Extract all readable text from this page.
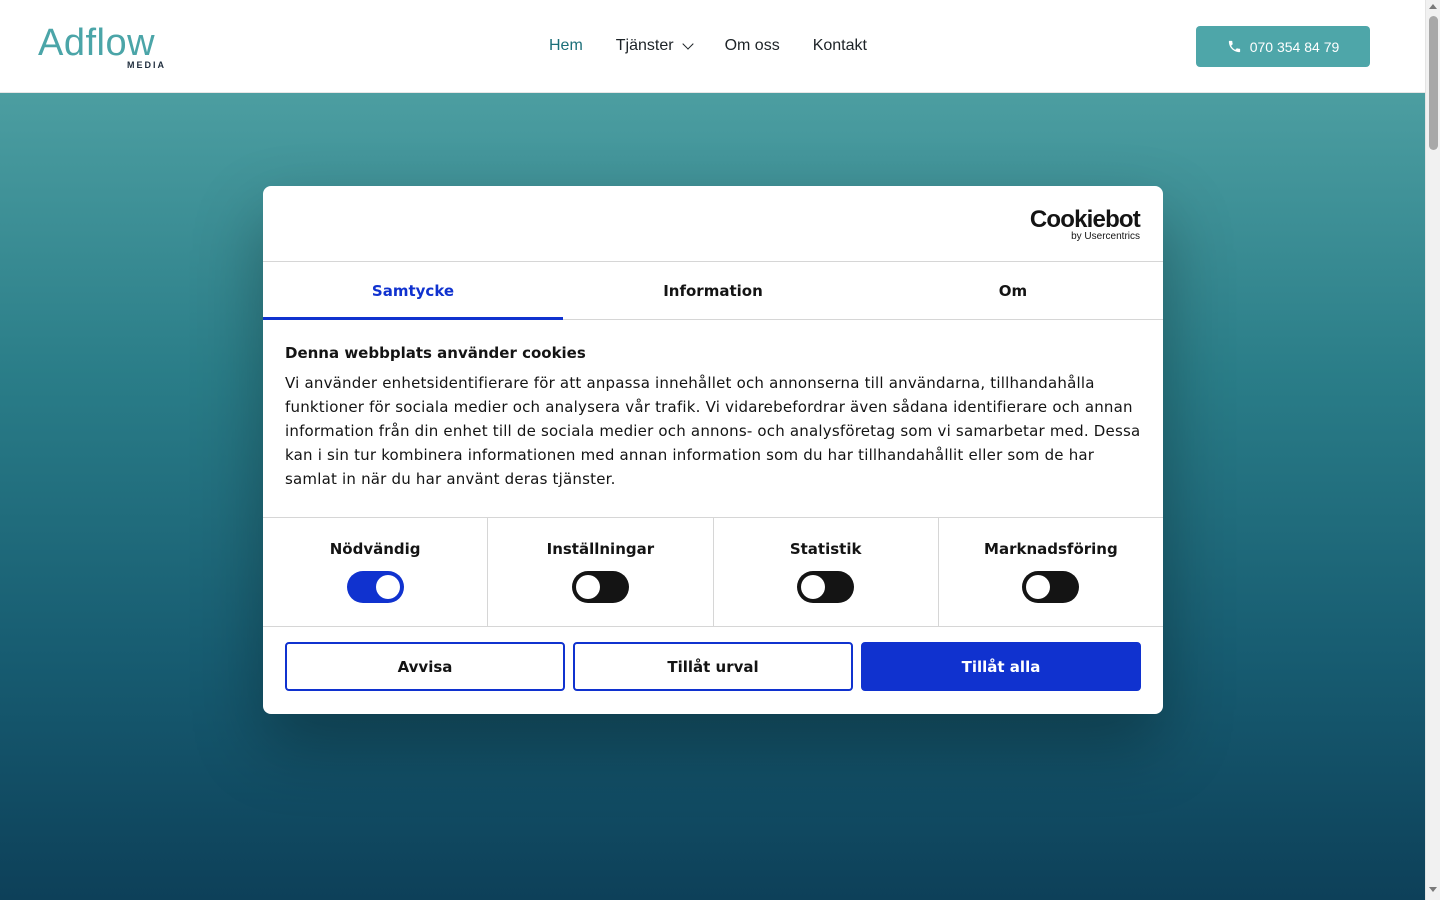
Adflow
MEDIA
Hem Tjänster	Om oss Kontakt	070 354 84 79
Cookiebot
by Usercentrics
Samtycke	Information	Om
Denna webbplats använder cookies
Vi använder enhetsidentifierare för att anpassa innehållet och annonserna till användarna, tillhandahålla funktioner för sociala medier och analysera vår trafik. Vi vidarebefordrar även sådana identifierare och annan information från din enhet till de sociala medier och annons- och analysföretag som vi samarbetar med. Dessa kan i sin tur kombinera informationen med annan information som du har tillhandahållit eller som de har samlat in när du har använt deras tjänster.
Nödvändig	Inställningar	Statistik	Marknadsföring
Avvisa	Tillåt urval	Tillåt alla
